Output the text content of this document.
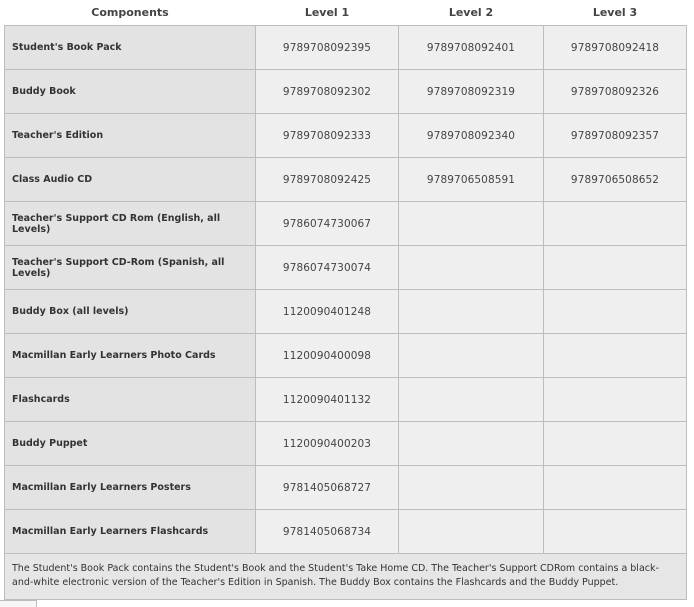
Components	Level 1	Level 2	Level 3
Student's Book Pack	9789708092395	9789708092401	9789708092418
Buddy Book	9789708092302	9789708092319	9789708092326
Teacher's Edition	9789708092333	9789708092340	9789708092357
Class Audio CD	9789708092425	9789706508591	9789706508652
Teacher's Support CD Rom (English, all Levels)	9786074730067		
Teacher's Support CD-Rom (Spanish, all Levels)	9786074730074		
Buddy Box (all levels)	1120090401248		
Macmillan Early Learners Photo Cards	1120090400098		
Flashcards	1120090401132		
Buddy Puppet	1120090400203		
Macmillan Early Learners Posters	9781405068727		
Macmillan Early Learners Flashcards	9781405068734		
The Student's Book Pack contains the Student's Book and the Student's Take Home CD. The Teacher's Support CDRom contains a black-and-white electronic version of the Teacher's Edition in Spanish. The Buddy Box contains the Flashcards and the Buddy Puppet.			
